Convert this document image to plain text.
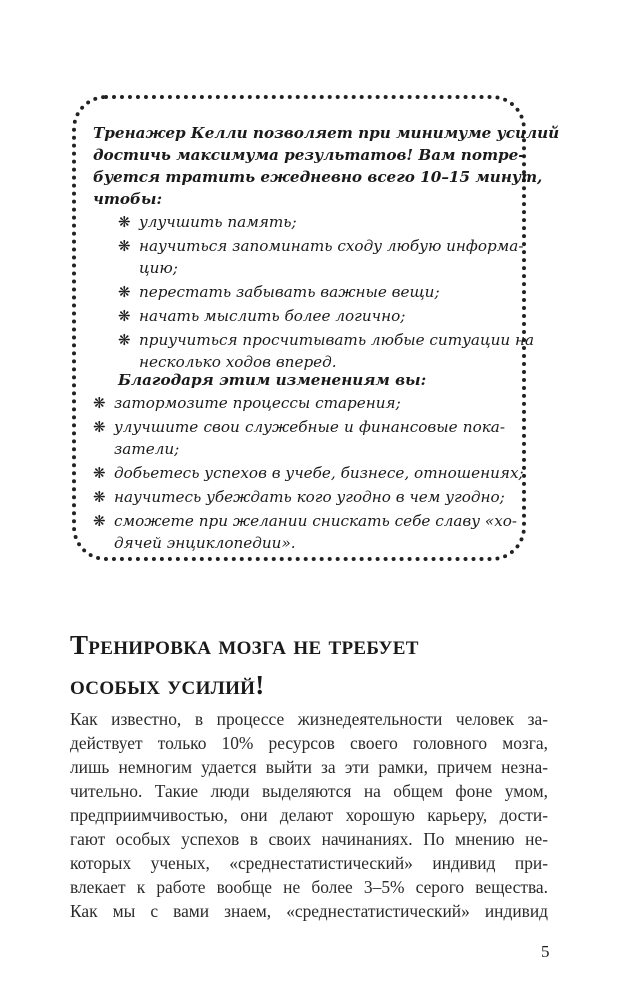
Тренажер Келли позволяет при минимуме усилий
достичь максимума результатов! Вам потре-
буется тратить ежедневно всего 10–15 минут,
чтобы:
❋ улучшить память;
❋ научиться запоминать сходу любую информа-
цию;
❋ перестать забывать важные вещи;
❋ начать мыслить более логично;
❋ приучиться просчитывать любые ситуации на
несколько ходов вперед.
Благодаря этим изменениям вы:
❋ затормозите процессы старения;
❋ улучшите свои служебные и финансовые пока-
затели;
❋ добьетесь успехов в учебе, бизнесе, отношениях;
❋ научитесь убеждать кого угодно в чем угодно;
❋ сможете при желании снискать себе славу «хо-
дячей энциклопедии».
Тренировка мозга не требует
особых усилий!
Как известно, в процессе жизнедеятельности человек за-
действует только 10% ресурсов своего головного мозга,
лишь немногим удается выйти за эти рамки, причем незна-
чительно. Такие люди выделяются на общем фоне умом,
предприимчивостью, они делают хорошую карьеру, дости-
гают особых успехов в своих начинаниях. По мнению не-
которых ученых, «среднестатистический» индивид при-
влекает к работе вообще не более 3–5% серого вещества.
Как мы с вами знаем, «среднестатистический» индивид
5
